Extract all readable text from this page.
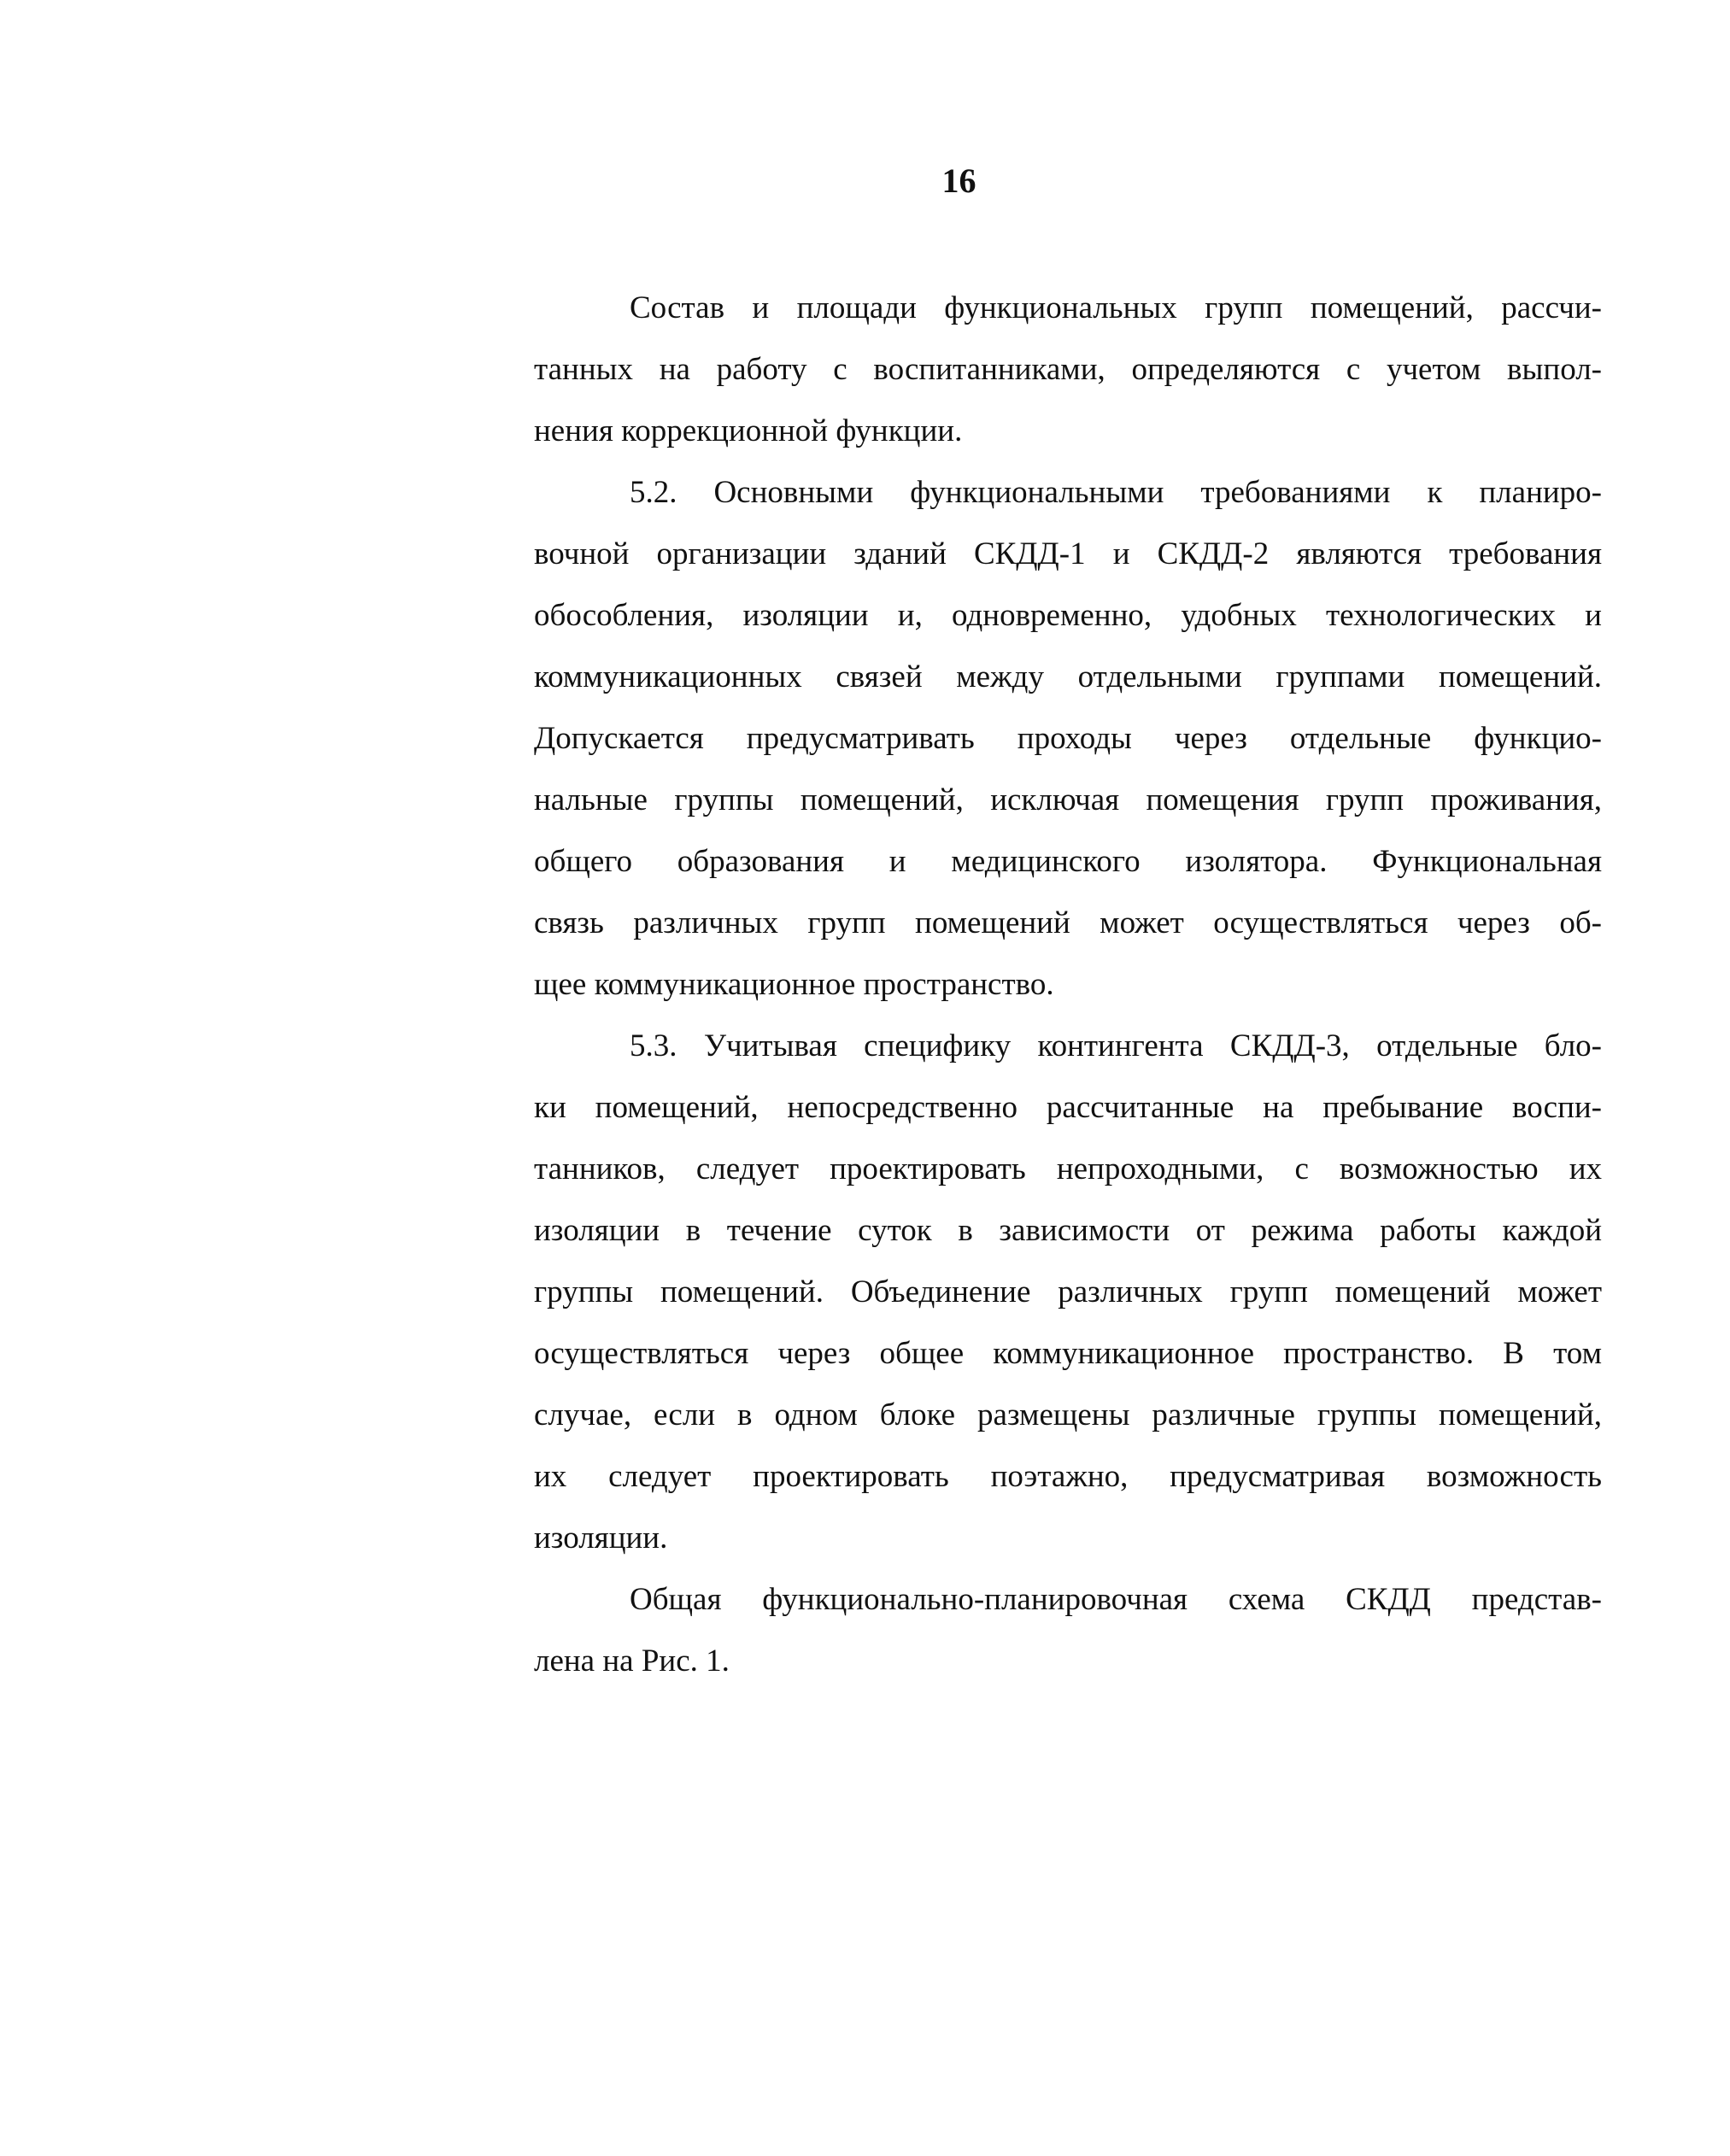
16
Состав и площади функциональных групп помещений, рассчи-
танных на работу с воспитанниками, определяются с учетом выпол-
нения коррекционной функции.
5.2. Основными функциональными требованиями к планиро-
вочной организации зданий СКДД-1 и СКДД-2 являются требования
обособления, изоляции и, одновременно, удобных технологических и
коммуникационных связей между отдельными группами помещений.
Допускается предусматривать проходы через отдельные функцио-
нальные группы помещений, исключая помещения групп проживания,
общего образования и медицинского изолятора. Функциональная
связь различных групп помещений может осуществляться через об-
щее коммуникационное пространство.
5.3. Учитывая специфику контингента СКДД-3, отдельные бло-
ки помещений, непосредственно рассчитанные на пребывание воспи-
танников, следует проектировать непроходными, с возможностью их
изоляции в течение суток в зависимости от режима работы каждой
группы помещений. Объединение различных групп помещений может
осуществляться через общее коммуникационное пространство. В том
случае, если в одном блоке размещены различные группы помещений,
их следует проектировать поэтажно, предусматривая возможность
изоляции.
Общая функционально-планировочная схема СКДД представ-
лена на Рис. 1.
